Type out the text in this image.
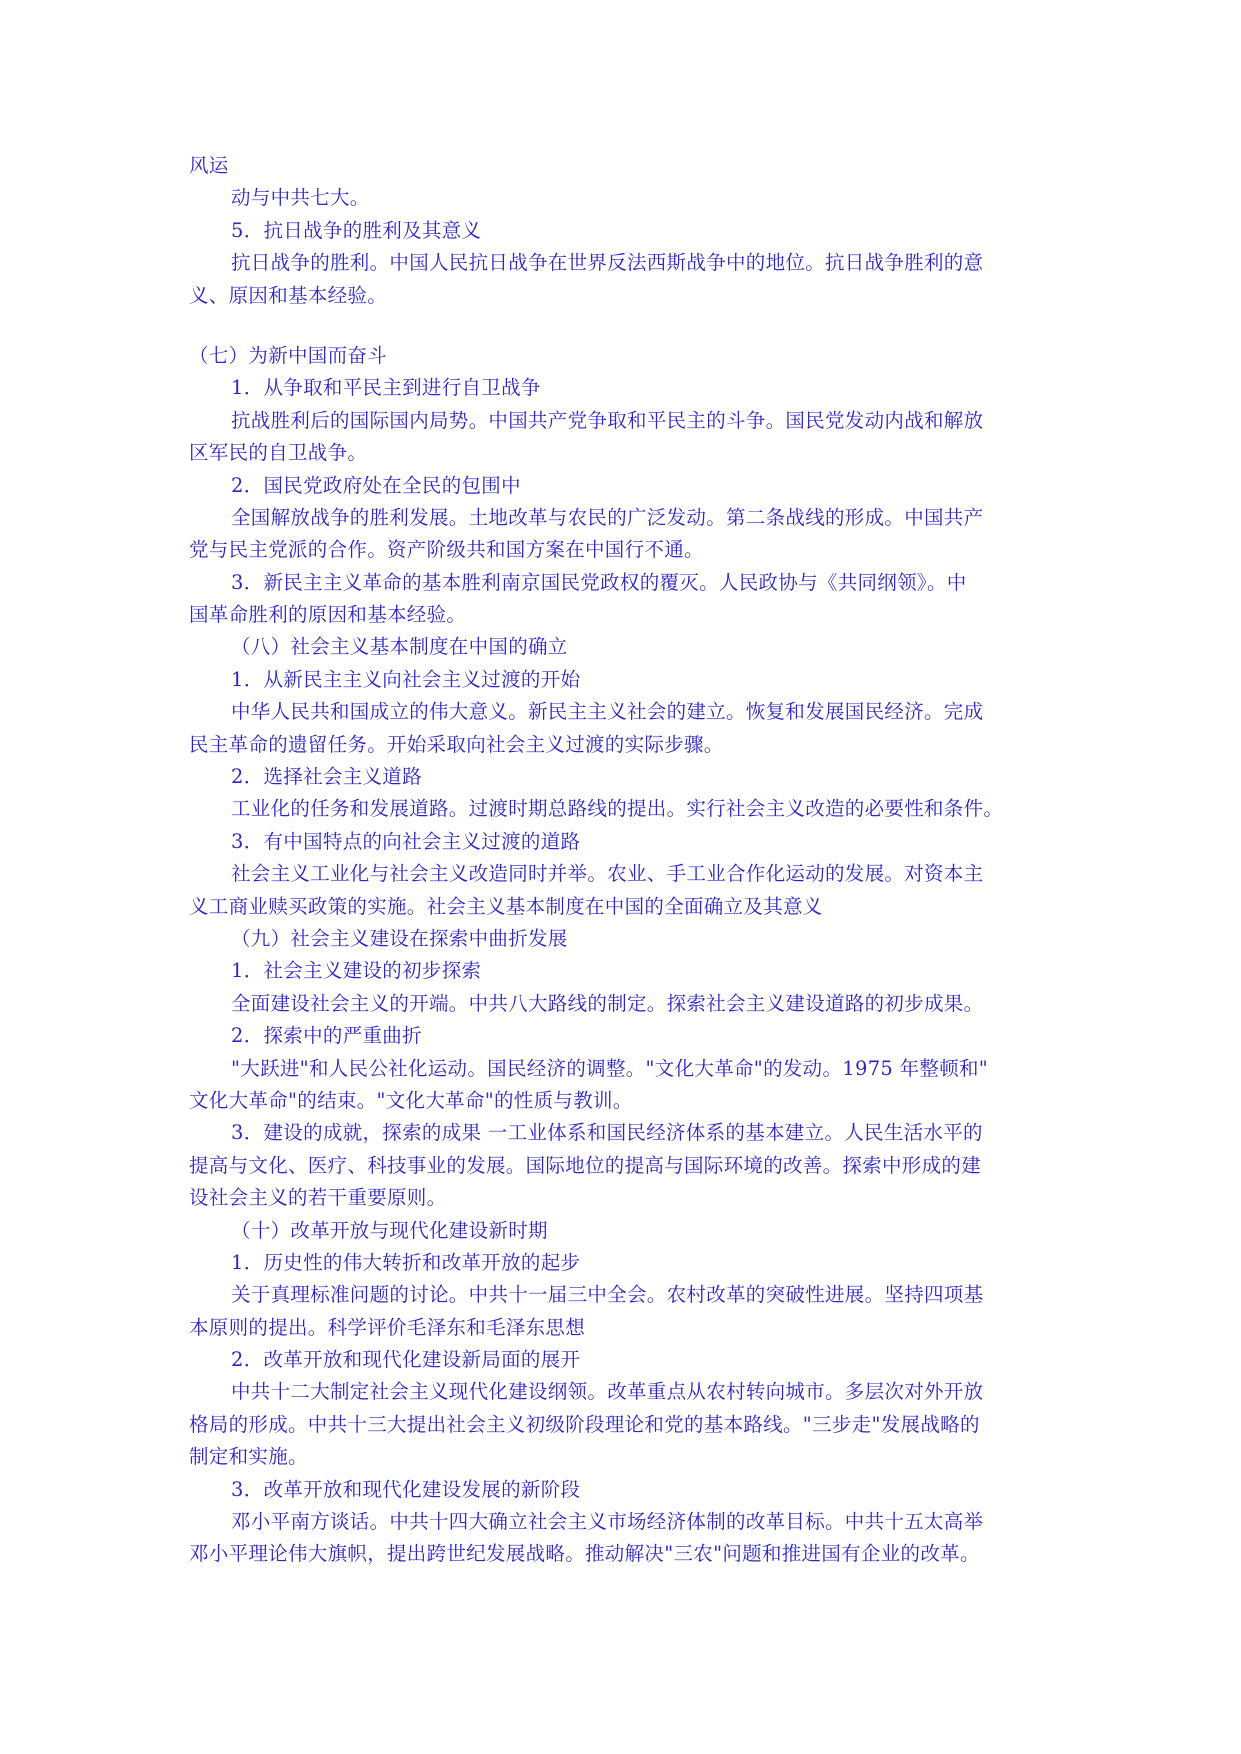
风运
动与中共七大。
5．抗日战争的胜利及其意义
抗日战争的胜利。中国人民抗日战争在世界反法西斯战争中的地位。抗日战争胜利的意
义、原因和基本经验。
（七）为新中国而奋斗
1．从争取和平民主到进行自卫战争
抗战胜利后的国际国内局势。中国共产党争取和平民主的斗争。国民党发动内战和解放
区军民的自卫战争。
2．国民党政府处在全民的包围中
全国解放战争的胜利发展。土地改革与农民的广泛发动。第二条战线的形成。中国共产
党与民主党派的合作。资产阶级共和国方案在中国行不通。
3．新民主主义革命的基本胜利南京国民党政权的覆灭。人民政协与《共同纲领》。中
国革命胜利的原因和基本经验。
（八）社会主义基本制度在中国的确立
1．从新民主主义向社会主义过渡的开始
中华人民共和国成立的伟大意义。新民主主义社会的建立。恢复和发展国民经济。完成
民主革命的遗留任务。开始采取向社会主义过渡的实际步骤。
2．选择社会主义道路
工业化的任务和发展道路。过渡时期总路线的提出。实行社会主义改造的必要性和条件。
3．有中国特点的向社会主义过渡的道路
社会主义工业化与社会主义改造同时并举。农业、手工业合作化运动的发展。对资本主
义工商业赎买政策的实施。社会主义基本制度在中国的全面确立及其意义
（九）社会主义建设在探索中曲折发展
1．社会主义建设的初步探索
全面建设社会主义的开端。中共八大路线的制定。探索社会主义建设道路的初步成果。
2．探索中的严重曲折
"大跃进"和人民公社化运动。国民经济的调整。"文化大革命"的发动。1975 年整顿和"
文化大革命"的结束。"文化大革命"的性质与教训。
3．建设的成就，探索的成果 一工业体系和国民经济体系的基本建立。人民生活水平的
提高与文化、医疗、科技事业的发展。国际地位的提高与国际环境的改善。探索中形成的建
设社会主义的若干重要原则。
（十）改革开放与现代化建设新时期
1．历史性的伟大转折和改革开放的起步
关于真理标准问题的讨论。中共十一届三中全会。农村改革的突破性进展。坚持四项基
本原则的提出。科学评价毛泽东和毛泽东思想
2．改革开放和现代化建设新局面的展开
中共十二大制定社会主义现代化建设纲领。改革重点从农村转向城市。多层次对外开放
格局的形成。中共十三大提出社会主义初级阶段理论和党的基本路线。"三步走"发展战略的
制定和实施。
3．改革开放和现代化建设发展的新阶段
邓小平南方谈话。中共十四大确立社会主义市场经济体制的改革目标。中共十五太高举
邓小平理论伟大旗帜，提出跨世纪发展战略。推动解决"三农"问题和推进国有企业的改革。
